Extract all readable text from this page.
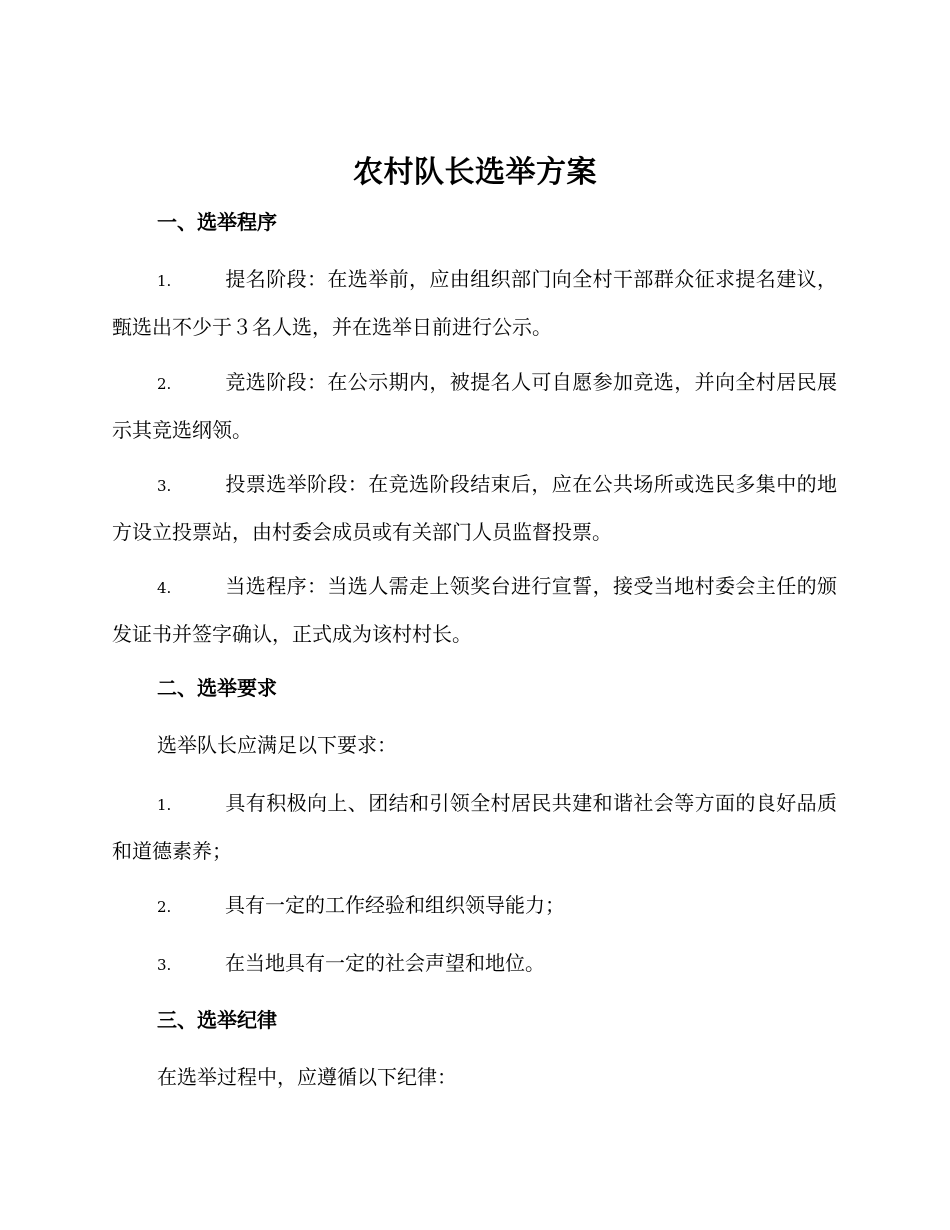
农村队长选举方案
一、选举程序
1.	提名阶段：在选举前，应由组织部门向全村干部群众征求提名建议，甄选出不少于３名人选，并在选举日前进行公示。
2.	竞选阶段：在公示期内，被提名人可自愿参加竞选，并向全村居民展示其竞选纲领。
3.	投票选举阶段：在竞选阶段结束后，应在公共场所或选民多集中的地方设立投票站，由村委会成员或有关部门人员监督投票。
4.	当选程序：当选人需走上领奖台进行宣誓，接受当地村委会主任的颁发证书并签字确认，正式成为该村村长。
二、选举要求
选举队长应满足以下要求：
1.	具有积极向上、团结和引领全村居民共建和谐社会等方面的良好品质和道德素养；
2.	具有一定的工作经验和组织领导能力；
3.	在当地具有一定的社会声望和地位。
三、选举纪律
在选举过程中，应遵循以下纪律：
